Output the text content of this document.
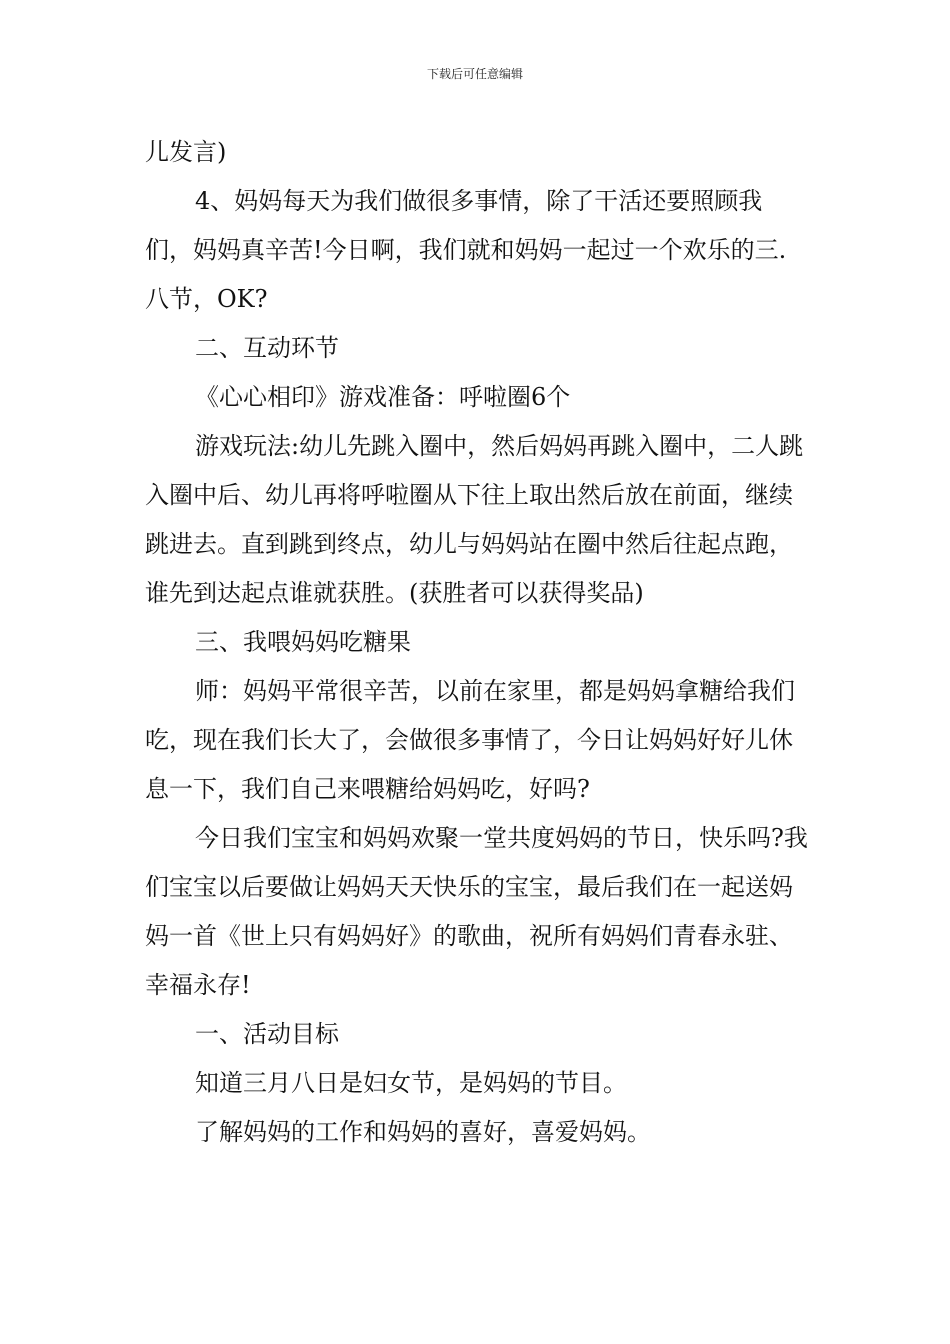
下载后可任意编辑

儿发言)

4、妈妈每天为我们做很多事情，除了干活还要照顾我们，妈妈真辛苦!今日啊，我们就和妈妈一起过一个欢乐的三.八节，OK?

二、互动环节

《心心相印》游戏准备：呼啦圈6个

游戏玩法:幼儿先跳入圈中，然后妈妈再跳入圈中，二人跳入圈中后、幼儿再将呼啦圈从下往上取出然后放在前面，继续跳进去。直到跳到终点，幼儿与妈妈站在圈中然后往起点跑，谁先到达起点谁就获胜。(获胜者可以获得奖品)

三、我喂妈妈吃糖果

师：妈妈平常很辛苦，以前在家里，都是妈妈拿糖给我们吃，现在我们长大了，会做很多事情了，今日让妈妈好好儿休息一下，我们自己来喂糖给妈妈吃，好吗?

今日我们宝宝和妈妈欢聚一堂共度妈妈的节日，快乐吗?我们宝宝以后要做让妈妈天天快乐的宝宝，最后我们在一起送妈妈一首《世上只有妈妈好》的歌曲，祝所有妈妈们青春永驻、幸福永存!

一、活动目标

知道三月八日是妇女节，是妈妈的节目。

了解妈妈的工作和妈妈的喜好，喜爱妈妈。
